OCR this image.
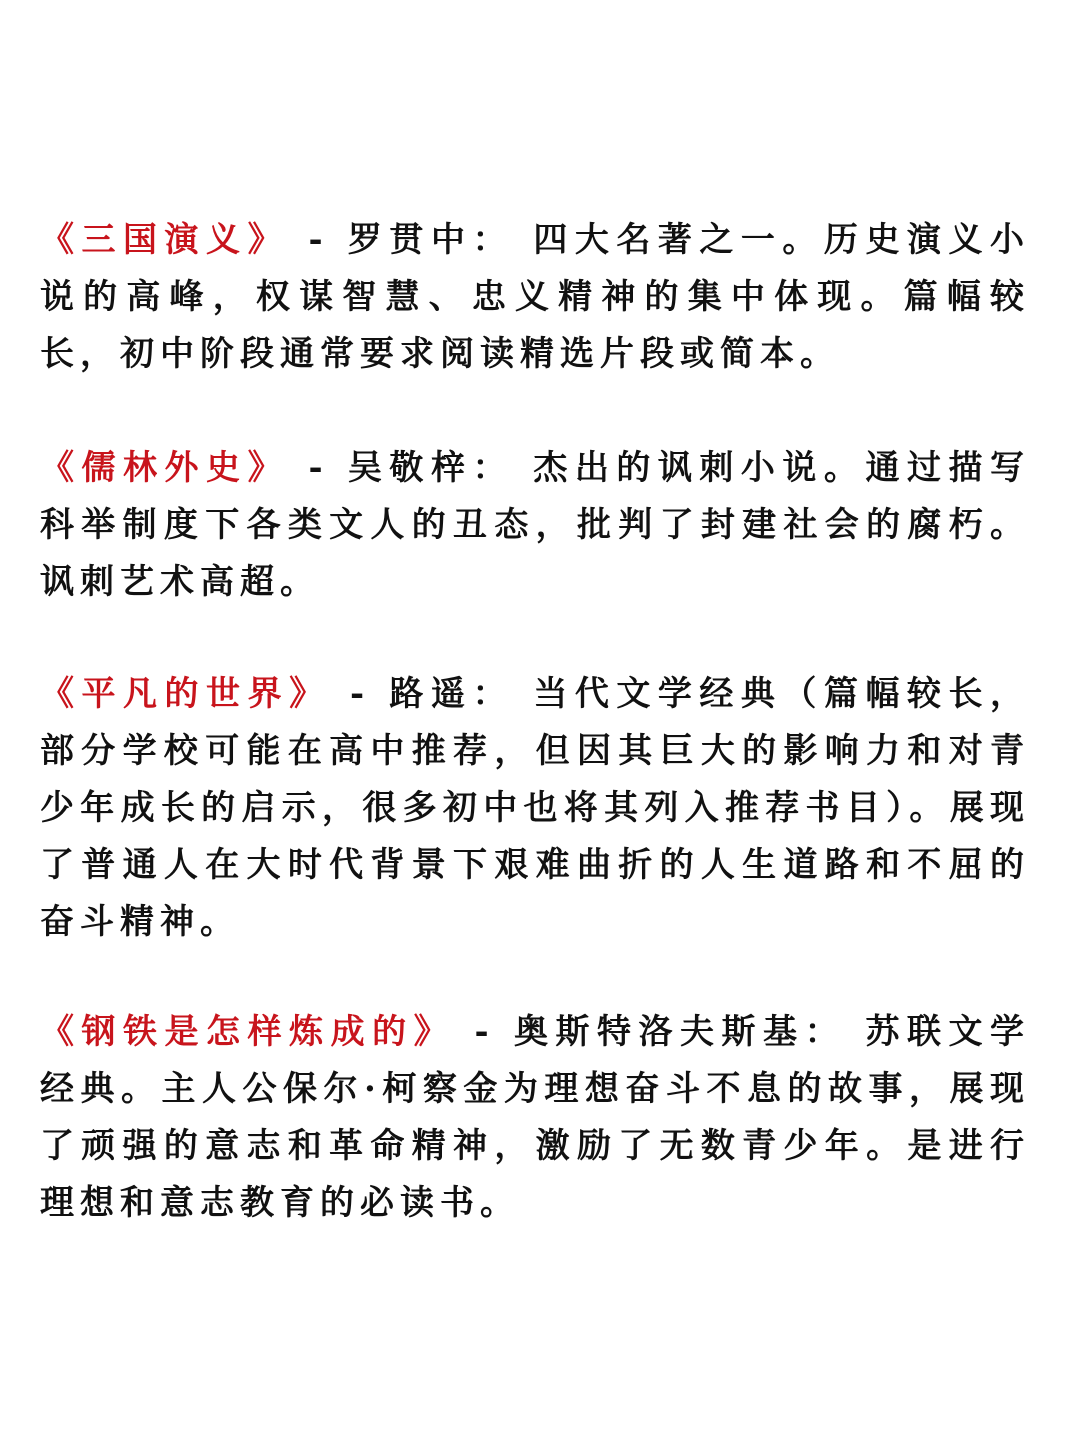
《三国演义》 - 罗贯中： 四大名著之一。历史演义小说的高峰，权谋智慧、忠义精神的集中体现。篇幅较长，初中阶段通常要求阅读精选片段或简本。

《儒林外史》 - 吴敬梓： 杰出的讽刺小说。通过描写科举制度下各类文人的丑态，批判了封建社会的腐朽。讽刺艺术高超。

《平凡的世界》 - 路遥： 当代文学经典（篇幅较长，部分学校可能在高中推荐，但因其巨大的影响力和对青少年成长的启示，很多初中也将其列入推荐书目）。展现了普通人在大时代背景下艰难曲折的人生道路和不屈的奋斗精神。

《钢铁是怎样炼成的》 - 奥斯特洛夫斯基： 苏联文学经典。主人公保尔·柯察金为理想奋斗不息的故事，展现了顽强的意志和革命精神，激励了无数青少年。是进行理想和意志教育的必读书。
